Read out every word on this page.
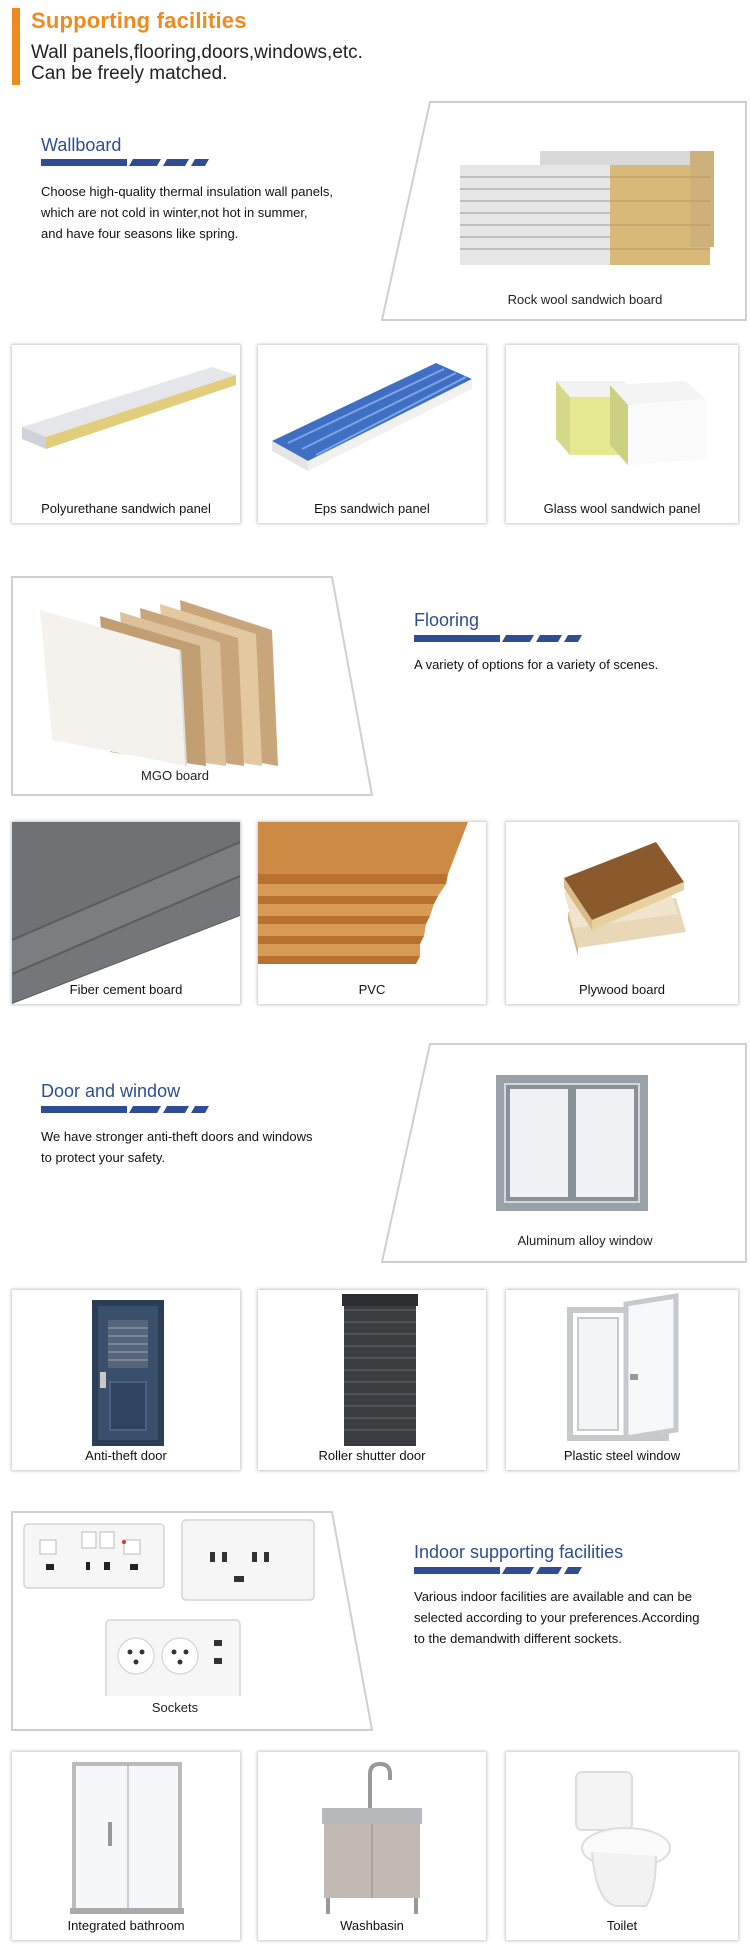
Supporting facilities
Wall panels,flooring,doors,windows,etc.
Can be freely matched.
Wallboard
Choose high-quality thermal insulation wall panels,
which are not cold in winter,not hot in summer,
and have four seasons like spring.
Rock wool sandwich board
Polyurethane sandwich panel	Eps sandwich panel	Glass wool sandwich panel
MGO board
Flooring
A variety of options for a variety of scenes.
Fiber cement board	PVC	Plywood board
Door and window
We have stronger anti-theft doors and windows
to protect your safety.
Aluminum alloy window
Anti-theft door	Roller shutter door	Plastic steel window
Sockets
Indoor supporting facilities
Various indoor facilities are available and can be
selected according to your preferences.According
to the demandwith different sockets.
Integrated bathroom	Washbasin	Toilet
